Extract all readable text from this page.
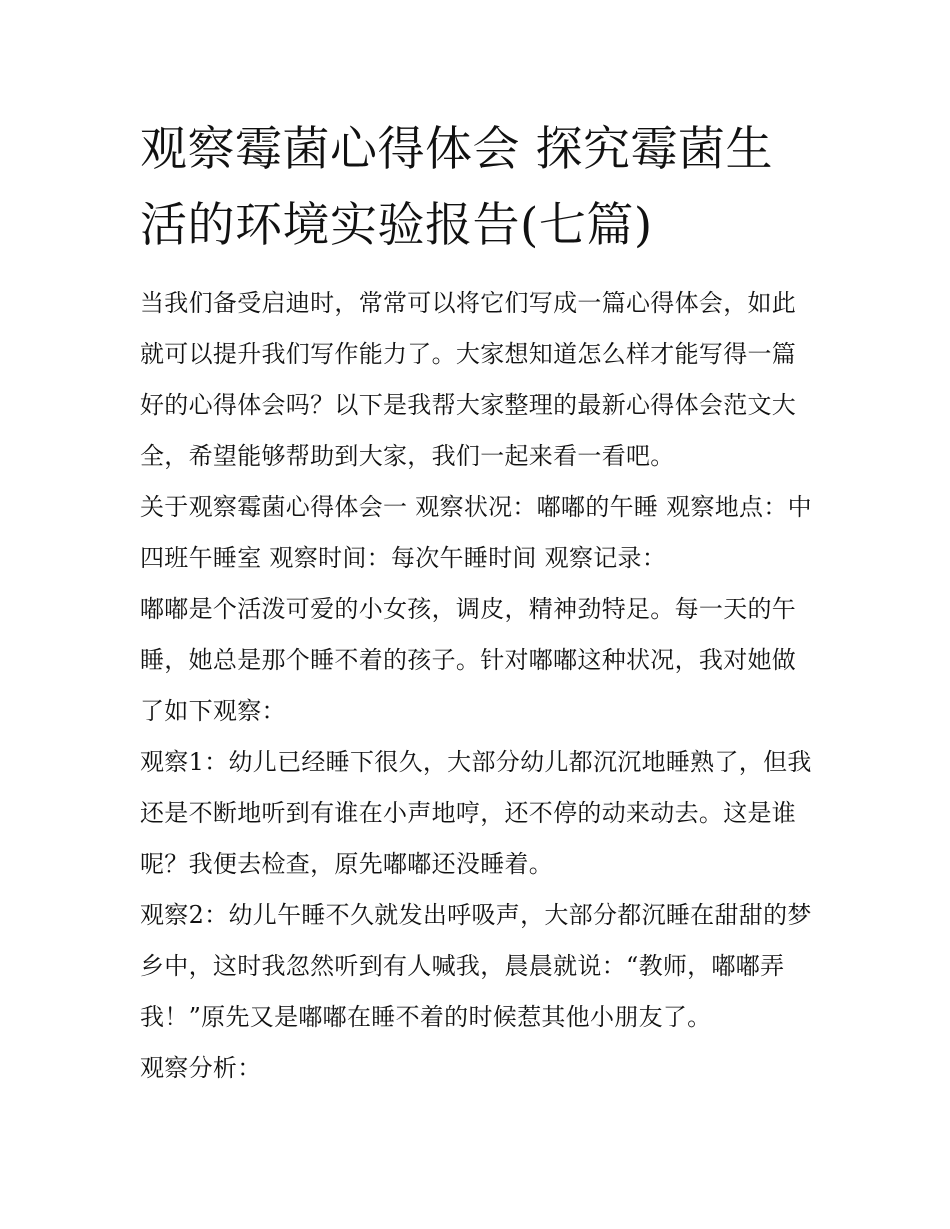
观察霉菌心得体会 探究霉菌生活的环境实验报告(七篇)

当我们备受启迪时，常常可以将它们写成一篇心得体会，如此就可以提升我们写作能力了。大家想知道怎么样才能写得一篇好的心得体会吗？以下是我帮大家整理的最新心得体会范文大全，希望能够帮助到大家，我们一起来看一看吧。

关于观察霉菌心得体会一 观察状况：嘟嘟的午睡 观察地点：中四班午睡室 观察时间：每次午睡时间 观察记录：

嘟嘟是个活泼可爱的小女孩，调皮，精神劲特足。每一天的午睡，她总是那个睡不着的孩子。针对嘟嘟这种状况，我对她做了如下观察：

观察1：幼儿已经睡下很久，大部分幼儿都沉沉地睡熟了，但我还是不断地听到有谁在小声地哼，还不停的动来动去。这是谁呢？我便去检查，原先嘟嘟还没睡着。

观察2：幼儿午睡不久就发出呼吸声，大部分都沉睡在甜甜的梦乡中，这时我忽然听到有人喊我，晨晨就说：“教师，嘟嘟弄我！”原先又是嘟嘟在睡不着的时候惹其他小朋友了。

观察分析：
